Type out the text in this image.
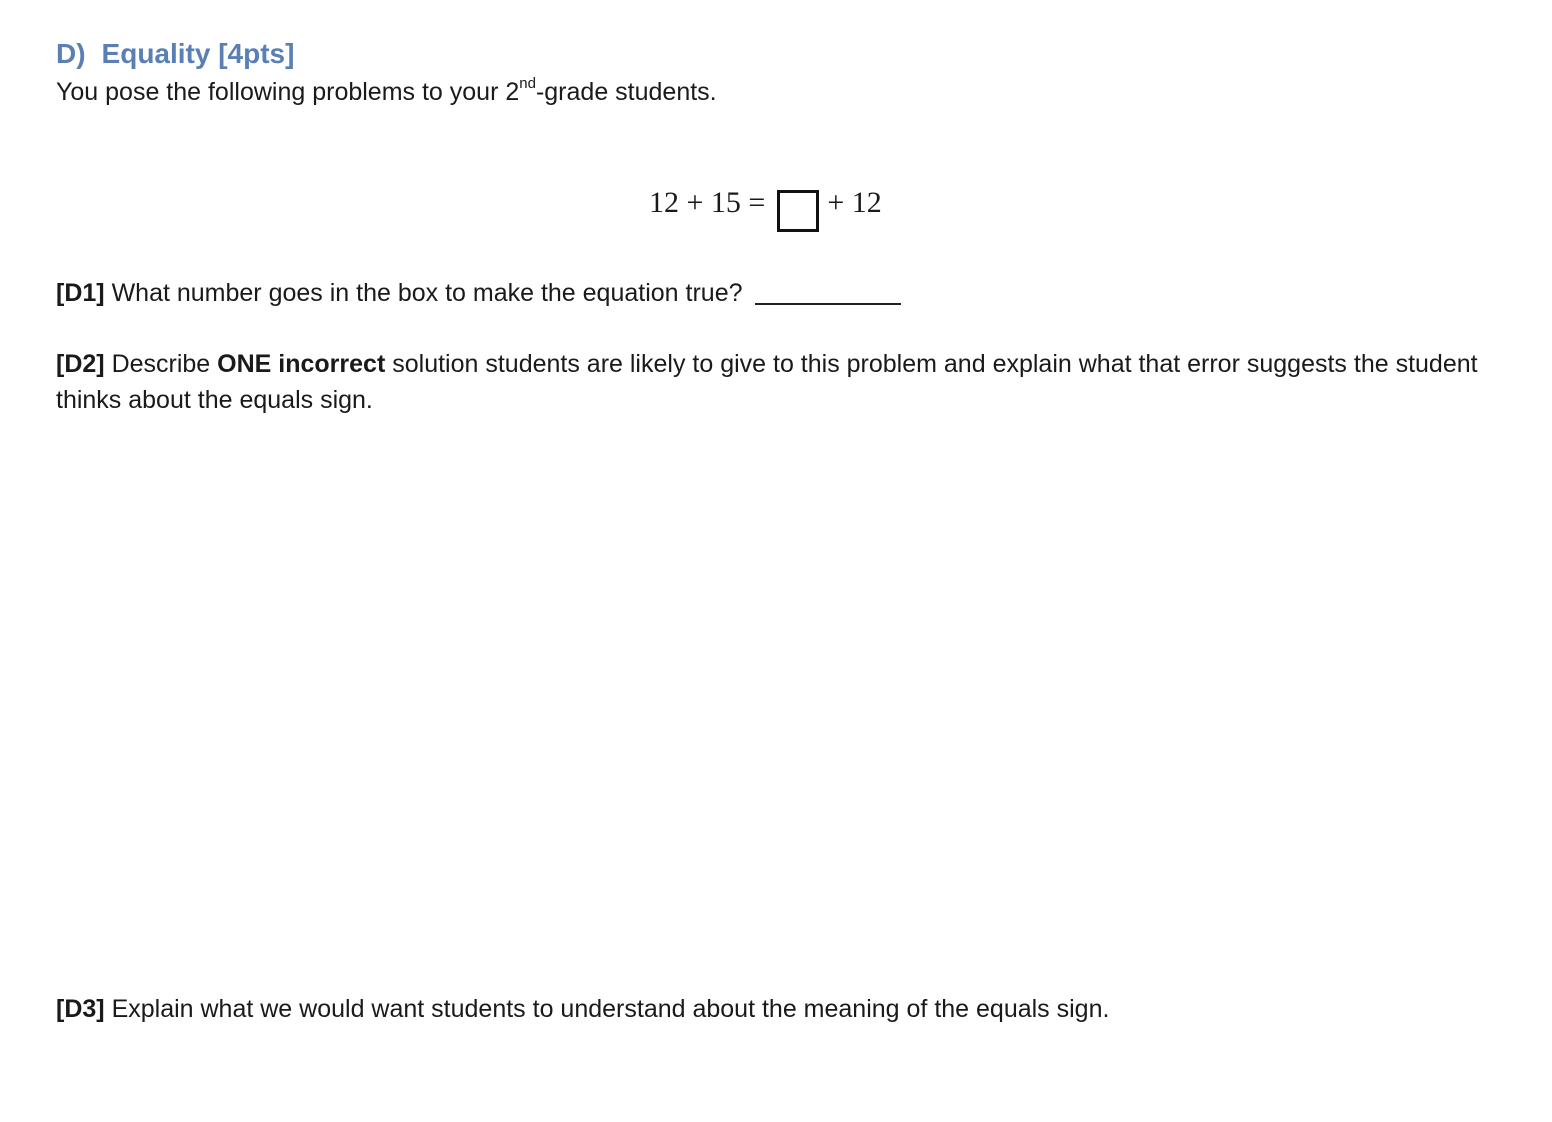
D) Equality [4pts]
You pose the following problems to your 2nd-grade students.
12 + 15 = + 12
[D1] What number goes in the box to make the equation true?
[D2] Describe ONE incorrect solution students are likely to give to this problem and explain what that error suggests the student thinks about the equals sign.
[D3] Explain what we would want students to understand about the meaning of the equals sign.
